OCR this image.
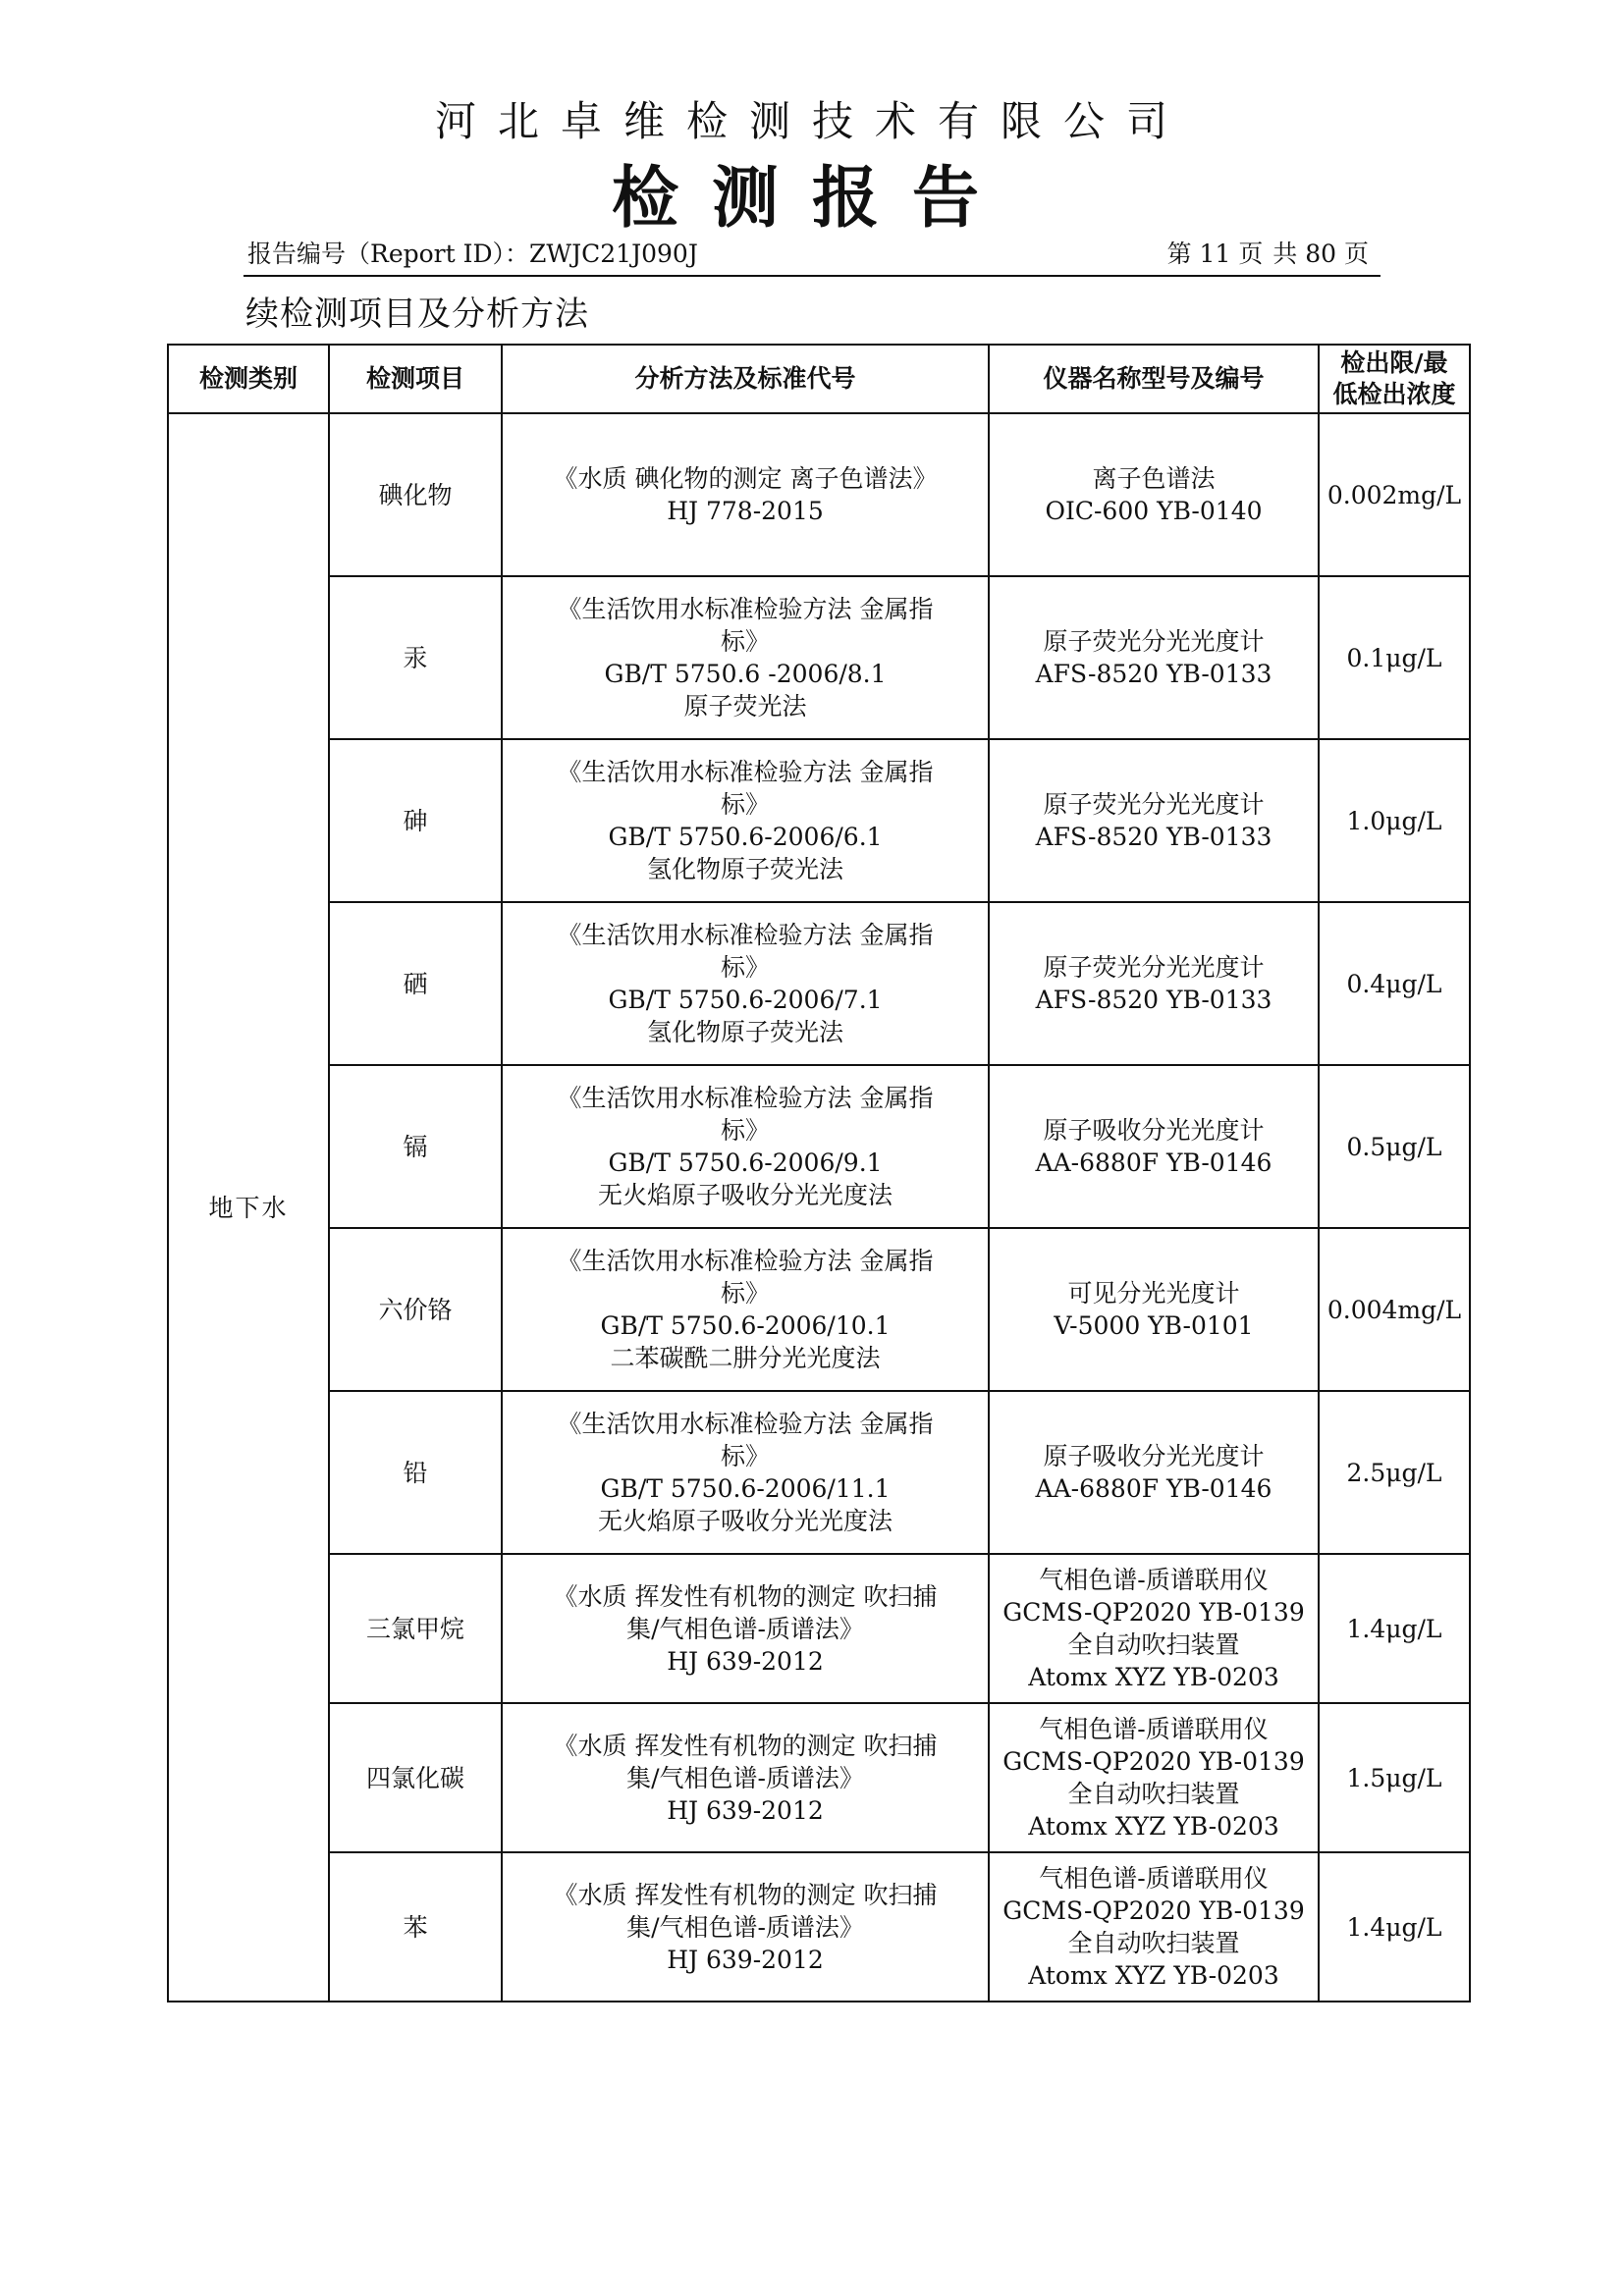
河北卓维检测技术有限公司
检测报告
报告编号（Report ID）：ZWJC21J090J	第 11 页 共 80 页
续检测项目及分析方法
检测类别	检测项目	分析方法及标准代号	仪器名称型号及编号	检出限/最
低检出浓度

地下水	碘化物	《水质 碘化物的测定 离子色谱法》
HJ 778-2015	离子色谱法
OIC-600 YB-0140	0.002mg/L
	汞	《生活饮用水标准检验方法 金属指
标》
GB/T 5750.6 -2006/8.1
原子荧光法	原子荧光分光光度计
AFS-8520 YB-0133	0.1μg/L
	砷	《生活饮用水标准检验方法 金属指
标》
GB/T 5750.6-2006/6.1
氢化物原子荧光法	原子荧光分光光度计
AFS-8520 YB-0133	1.0μg/L
	硒	《生活饮用水标准检验方法 金属指
标》
GB/T 5750.6-2006/7.1
氢化物原子荧光法	原子荧光分光光度计
AFS-8520 YB-0133	0.4μg/L
	镉	《生活饮用水标准检验方法 金属指
标》
GB/T 5750.6-2006/9.1
无火焰原子吸收分光光度法	原子吸收分光光度计
AA-6880F YB-0146	0.5μg/L
	六价铬	《生活饮用水标准检验方法 金属指
标》
GB/T 5750.6-2006/10.1
二苯碳酰二肼分光光度法	可见分光光度计
V-5000 YB-0101	0.004mg/L
	铅	《生活饮用水标准检验方法 金属指
标》
GB/T 5750.6-2006/11.1
无火焰原子吸收分光光度法	原子吸收分光光度计
AA-6880F YB-0146	2.5μg/L
	三氯甲烷	《水质 挥发性有机物的测定 吹扫捕
集/气相色谱-质谱法》
HJ 639-2012	气相色谱-质谱联用仪
GCMS-QP2020 YB-0139
全自动吹扫装置
Atomx XYZ YB-0203	1.4μg/L
	四氯化碳	《水质 挥发性有机物的测定 吹扫捕
集/气相色谱-质谱法》
HJ 639-2012	气相色谱-质谱联用仪
GCMS-QP2020 YB-0139
全自动吹扫装置
Atomx XYZ YB-0203	1.5μg/L
	苯	《水质 挥发性有机物的测定 吹扫捕
集/气相色谱-质谱法》
HJ 639-2012	气相色谱-质谱联用仪
GCMS-QP2020 YB-0139
全自动吹扫装置
Atomx XYZ YB-0203	1.4μg/L
